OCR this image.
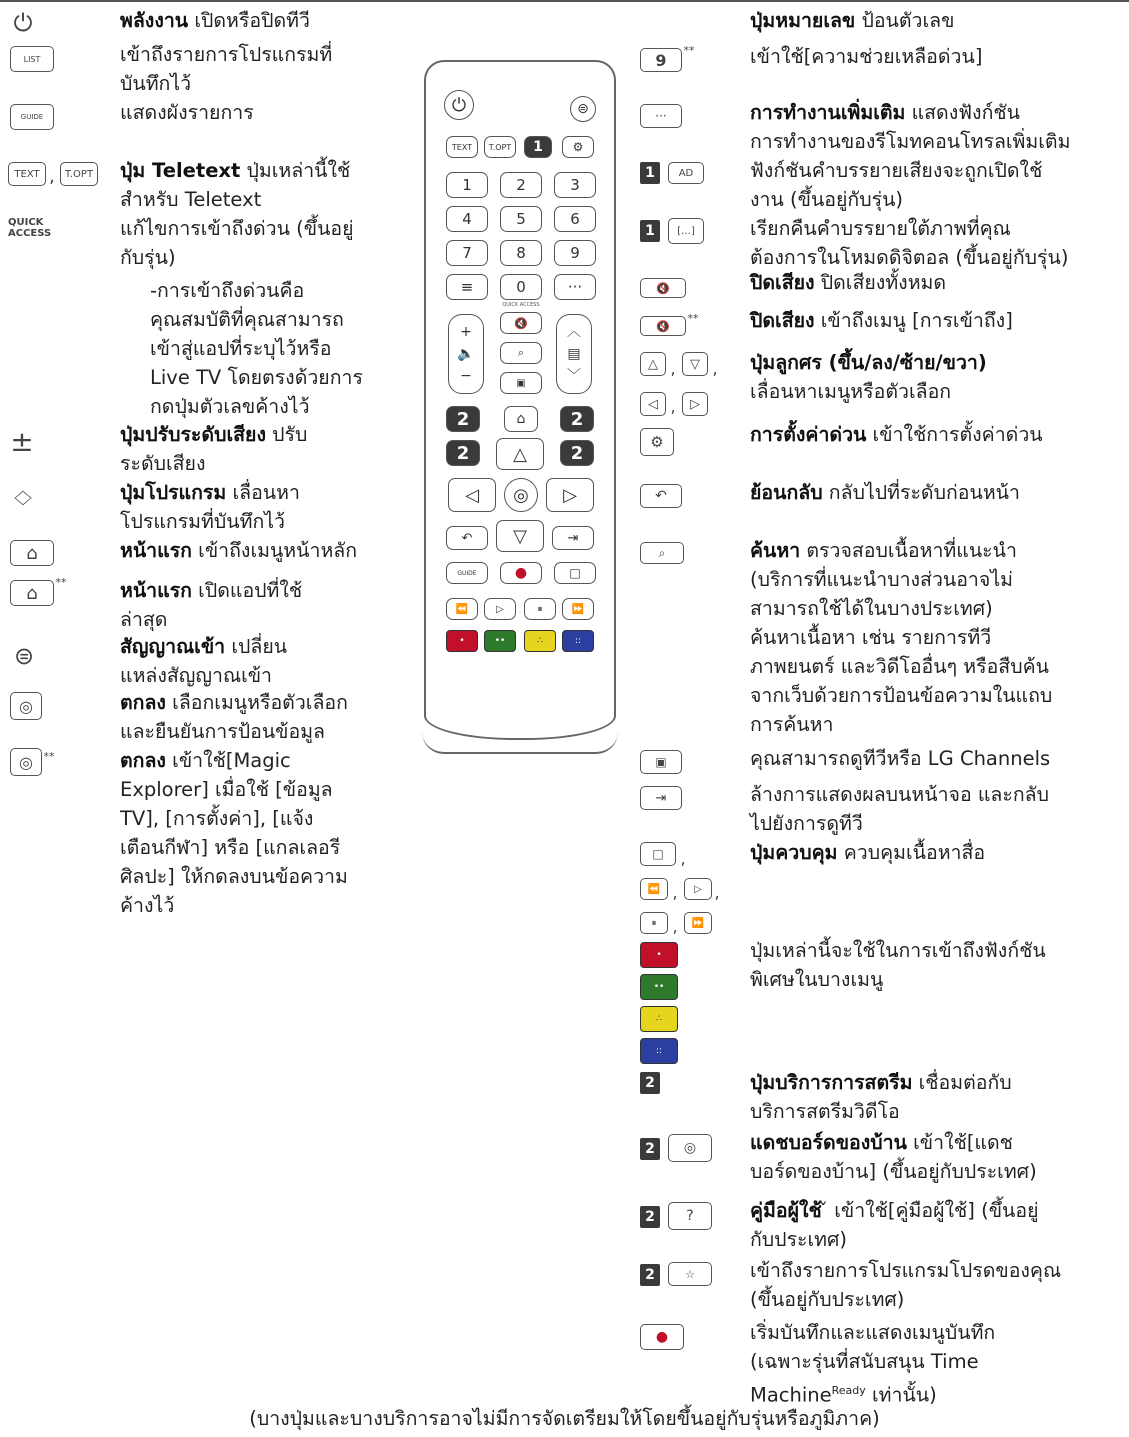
⏻	พลังงาน เปิดหรือปิดทีวี
LIST	เข้าถึงรายการโปรแกรมที่
บันทึกไว้
GUIDE	แสดงผังรายการ
TEXT ,	T.OPT ปุ่ม Teletext ปุ่มเหล่านี้ใช้
สำหรับ Teletext
QUICK ACCESS	แก้ไขการเข้าถึงด่วน (ขึ้นอยู่
กับรุ่น)
-การเข้าถึงด่วนคือ
คุณสมบัติที่คุณสามารถ
เข้าสู่แอปที่ระบุไว้หรือ
Live TV โดยตรงด้วยการ
กดปุ่มตัวเลขค้างไว้
±	ปุ่มปรับระดับเสียง ปรับ
ระดับเสียง
︿
﹀
ปุ่มโปรแกรม เลื่อนหา
โปรแกรมที่บันทึกไว้
⌂	หน้าแรก เข้าถึงเมนูหน้าหลัก
⌂
**	หน้าแรก เปิดแอปที่ใช้
ล่าสุด
⊜	สัญญาณเข้า เปลี่ยน
แหล่งสัญญาณเข้า
◎	ตกลง เลือกเมนูหรือตัวเลือก
และยืนยันการป้อนข้อมูล
◎ **	ตกลง เข้าใช้[Magic
Explorer] เมื่อใช้ [ข้อมูล
TV], [การตั้งค่า], [แจ้ง
เตือนกีฬา] หรือ [แกลเลอรี
ศิลปะ] ให้กดลงบนข้อความ
ค้างไว้
⏻	⊜
TEXT	T.OPT	1	⚙
1	2	3
4	5	6
7	8	9
≡	0	···
QUICK ACCESS
+
🔈
−
🔇
⌕
▣
︿
▤
﹀
2	⌂	2
2	2
△
◁	◎	▷
↶	▽	⇥
GUIDE	●	□
⏪	▷	⏸	⏩
•	••	∴	::
ปุ่มหมายเลข ป้อนตัวเลข
9
**	เข้าใช้[ความช่วยเหลือด่วน]
···	การทำงานเพิ่มเติม แสดงฟังก์ชัน
การทำงานของรีโมทคอนโทรลเพิ่มเติม
1	AD	ฟังก์ชันคำบรรยายเสียงจะถูกเปิดใช้
งาน (ขึ้นอยู่กับรุ่น)
1	[…]	เรียกคืนคำบรรยายใต้ภาพที่คุณ
ต้องการในโหมดดิจิตอล (ขึ้นอยู่กับรุ่น)
🔇	ปิดเสียง ปิดเสียงทั้งหมด
🔇
**	ปิดเสียง เข้าถึงเมนู [การเข้าถึง]
△ ,	▽ ,
◁ ,	▷
ปุ่มลูกศร (ขึ้น/ลง/ซ้าย/ขวา)
เลื่อนหาเมนูหรือตัวเลือก
⚙	การตั้งค่าด่วน เข้าใช้การตั้งค่าด่วน
↶	ย้อนกลับ กลับไปที่ระดับก่อนหน้า
⌕	ค้นหา ตรวจสอบเนื้อหาที่แนะนำ
(บริการที่แนะนำบางส่วนอาจไม่
สามารถใช้ได้ในบางประเทศ)
ค้นหาเนื้อหา เช่น รายการทีวี
ภาพยนตร์ และวิดีโออื่นๆ หรือสืบค้น
จากเว็บด้วยการป้อนข้อความในแถบ
การค้นหา
▣	คุณสามารถดูทีวีหรือ LG Channels
⇥	ล้างการแสดงผลบนหน้าจอ และกลับ
ไปยังการดูทีวี
□	,
⏪ ,	▷ ,
⏸ ,	⏩
ปุ่มควบคุม ควบคุมเนื้อหาสื่อ
•
••
∴
::
ปุ่มเหล่านี้จะใช้ในการเข้าถึงฟังก์ชัน
พิเศษในบางเมนู
2	ปุ่มบริการการสตรีม เชื่อมต่อกับ
บริการสตรีมวิดีโอ
2	◎	แดชบอร์ดของบ้าน เข้าใช้[แดช
บอร์ดของบ้าน] (ขึ้นอยู่กับประเทศ)
2	?	คู่มือผู้ใช้ ̌ เข้าใช้[คู่มือผู้ใช้] (ขึ้นอยู่
กับประเทศ)
2	☆	เข้าถึงรายการโปรแกรมโปรดของคุณ
(ขึ้นอยู่กับประเทศ)
●	เริ่มบันทึกและแสดงเมนูบันทึก
(เฉพาะรุ่นที่สนับสนุน Time
Machine$^{Ready}$ เท่านั้น)
(บางปุ่มและบางบริการอาจไม่มีการจัดเตรียมให้โดยขึ้นอยู่กับรุ่นหรือภูมิภาค)
